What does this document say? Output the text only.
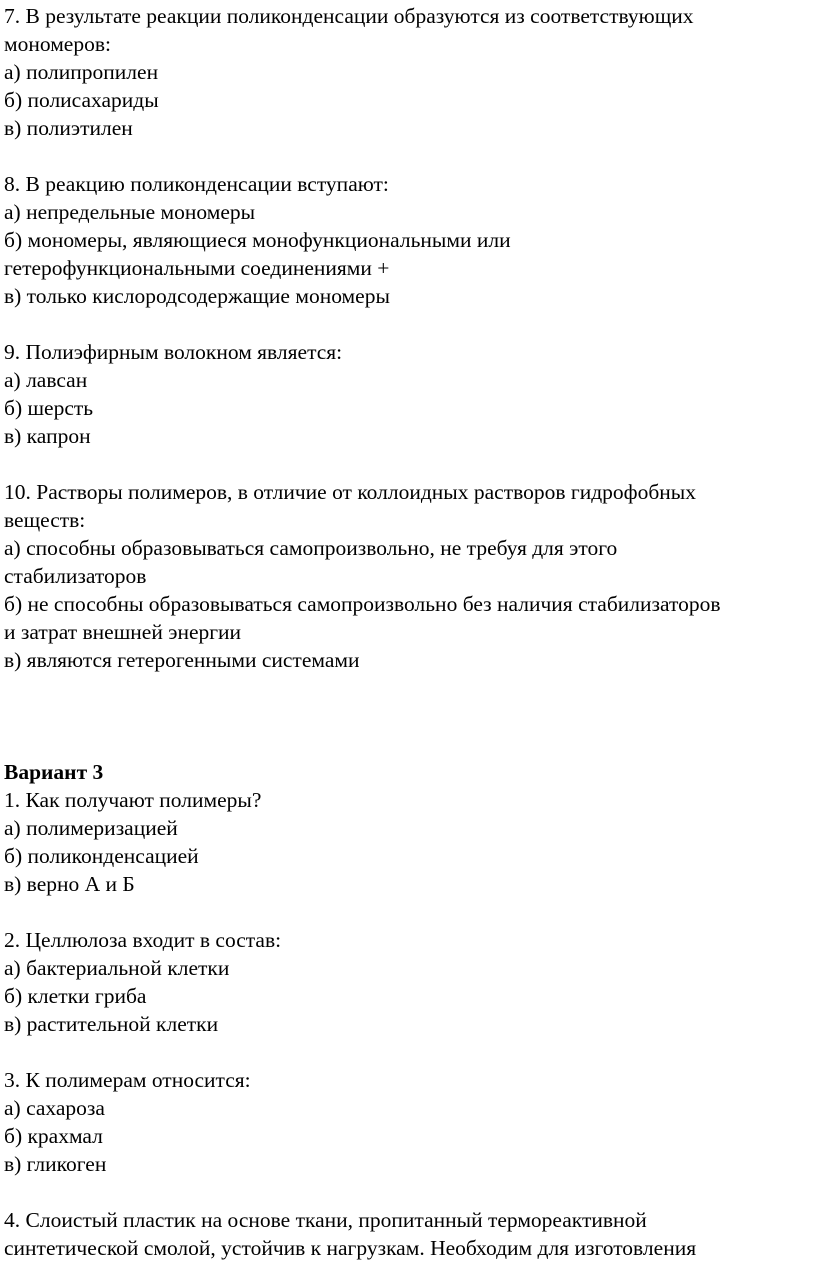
7. В результате реакции поликонденсации образуются из соответствующих
мономеров:
а) полипропилен
б) полисахариды
в) полиэтилен
8. В реакцию поликонденсации вступают:
а) непредельные мономеры
б) мономеры, являющиеся монофункциональными или
гетерофункциональными соединениями +
в) только кислородсодержащие мономеры
9. Полиэфирным волокном является:
а) лавсан
б) шерсть
в) капрон
10. Растворы полимеров, в отличие от коллоидных растворов гидрофобных
веществ:
а) способны образовываться самопроизвольно, не требуя для этого
стабилизаторов
б) не способны образовываться самопроизвольно без наличия стабилизаторов
и затрат внешней энергии
в) являются гетерогенными системами
Вариант 3
1. Как получают полимеры?
а) полимеризацией
б) поликонденсацией
в) верно А и Б
2. Целлюлоза входит в состав:
а) бактериальной клетки
б) клетки гриба
в) растительной клетки
3. К полимерам относится:
а) сахароза
б) крахмал
в) гликоген
4. Слоистый пластик на основе ткани, пропитанный термореактивной
синтетической смолой, устойчив к нагрузкам. Необходим для изготовления
